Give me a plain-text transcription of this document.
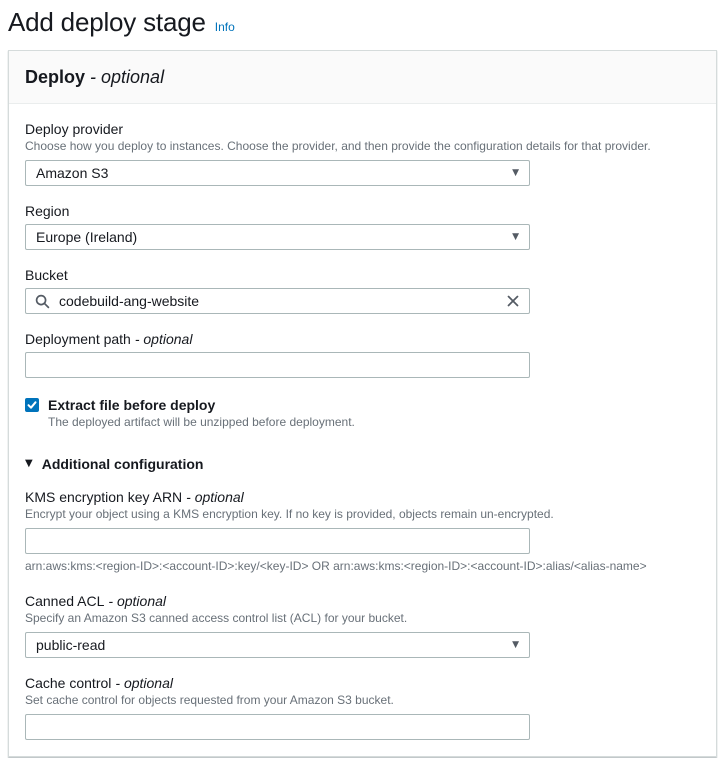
Add deploy stage Info
Deploy - optional
Deploy provider
Choose how you deploy to instances. Choose the provider, and then provide the configuration details for that provider.
Amazon S3	▼
Region
Europe (Ireland)	▼
Bucket
codebuild-ang-website
Deployment path - optional
Extract file before deploy
The deployed artifact will be unzipped before deployment.
▼ Additional configuration
KMS encryption key ARN - optional
Encrypt your object using a KMS encryption key. If no key is provided, objects remain un-encrypted.
arn:aws:kms:<region-ID>:<account-ID>:key/<key-ID> OR arn:aws:kms:<region-ID>:<account-ID>:alias/<alias-name>
Canned ACL - optional
Specify an Amazon S3 canned access control list (ACL) for your bucket.
public-read	▼
Cache control - optional
Set cache control for objects requested from your Amazon S3 bucket.
